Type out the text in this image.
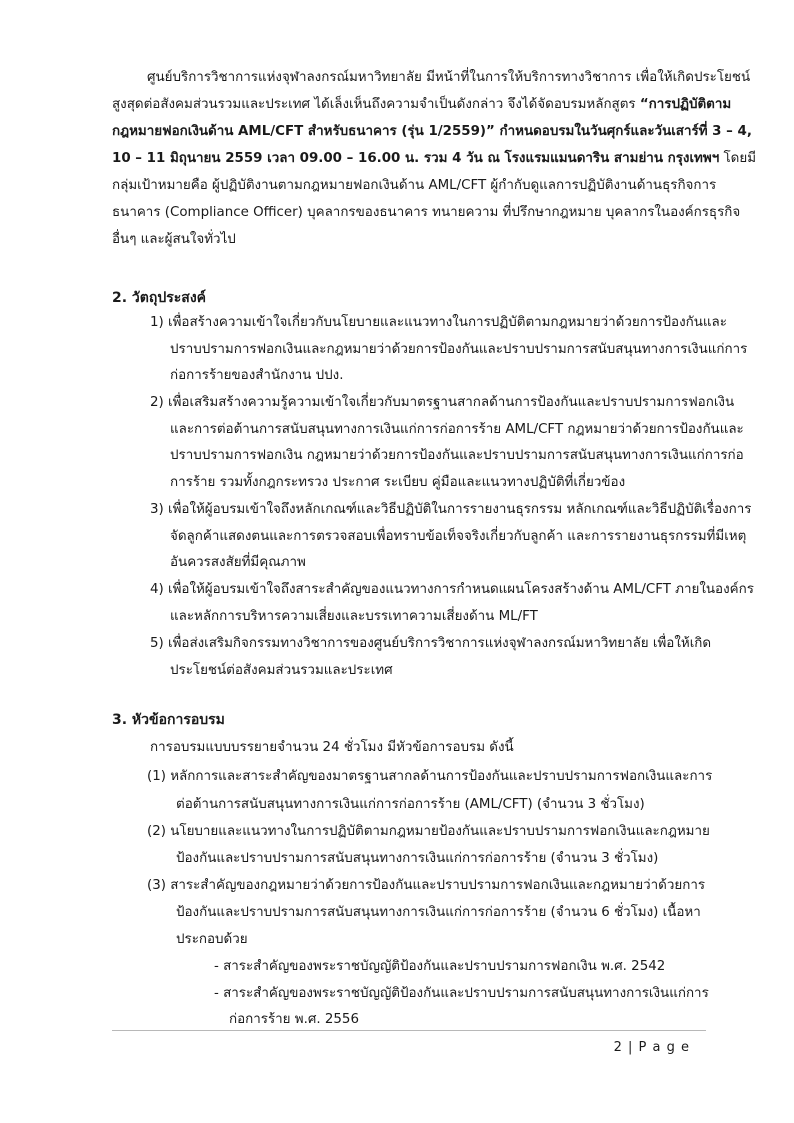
ศูนย์บริการวิชาการแห่งจุฬาลงกรณ์มหาวิทยาลัย มีหน้าที่ในการให้บริการทางวิชาการ เพื่อให้เกิดประโยชน์
สูงสุดต่อสังคมส่วนรวมและประเทศ ได้เล็งเห็นถึงความจำเป็นดังกล่าว จึงได้จัดอบรมหลักสูตร “การปฏิบัติตาม
กฎหมายฟอกเงินด้าน AML/CFT สำหรับธนาคาร (รุ่น 1/2559)” กำหนดอบรมในวันศุกร์และวันเสาร์ที่ 3 – 4,
10 – 11 มิถุนายน 2559 เวลา 09.00 – 16.00 น. รวม 4 วัน ณ โรงแรมแมนดาริน สามย่าน กรุงเทพฯ โดยมี
กลุ่มเป้าหมายคือ ผู้ปฏิบัติงานตามกฎหมายฟอกเงินด้าน AML/CFT ผู้กำกับดูแลการปฏิบัติงานด้านธุรกิจการ
ธนาคาร (Compliance Officer) บุคลากรของธนาคาร ทนายความ ที่ปรึกษากฎหมาย บุคลากรในองค์กรธุรกิจ
อื่นๆ และผู้สนใจทั่วไป
2. วัตถุประสงค์
1) เพื่อสร้างความเข้าใจเกี่ยวกับนโยบายและแนวทางในการปฏิบัติตามกฎหมายว่าด้วยการป้องกันและ
ปราบปรามการฟอกเงินและกฎหมายว่าด้วยการป้องกันและปราบปรามการสนับสนุนทางการเงินแก่การ
ก่อการร้ายของสำนักงาน ปปง.
2) เพื่อเสริมสร้างความรู้ความเข้าใจเกี่ยวกับมาตรฐานสากลด้านการป้องกันและปราบปรามการฟอกเงิน
และการต่อต้านการสนับสนุนทางการเงินแก่การก่อการร้าย AML/CFT กฎหมายว่าด้วยการป้องกันและ
ปราบปรามการฟอกเงิน กฎหมายว่าด้วยการป้องกันและปราบปรามการสนับสนุนทางการเงินแก่การก่อ
การร้าย รวมทั้งกฎกระทรวง ประกาศ ระเบียบ คู่มือและแนวทางปฏิบัติที่เกี่ยวข้อง
3) เพื่อให้ผู้อบรมเข้าใจถึงหลักเกณฑ์และวิธีปฏิบัติในการรายงานธุรกรรม หลักเกณฑ์และวิธีปฏิบัติเรื่องการ
จัดลูกค้าแสดงตนและการตรวจสอบเพื่อทราบข้อเท็จจริงเกี่ยวกับลูกค้า และการรายงานธุรกรรมที่มีเหตุ
อันควรสงสัยที่มีคุณภาพ
4) เพื่อให้ผู้อบรมเข้าใจถึงสาระสำคัญของแนวทางการกำหนดแผนโครงสร้างด้าน AML/CFT ภายในองค์กร
และหลักการบริหารความเสี่ยงและบรรเทาความเสี่ยงด้าน ML/FT
5) เพื่อส่งเสริมกิจกรรมทางวิชาการของศูนย์บริการวิชาการแห่งจุฬาลงกรณ์มหาวิทยาลัย เพื่อให้เกิด
ประโยชน์ต่อสังคมส่วนรวมและประเทศ
3. หัวข้อการอบรม
การอบรมแบบบรรยายจำนวน 24 ชั่วโมง มีหัวข้อการอบรม ดังนี้
(1) หลักการและสาระสำคัญของมาตรฐานสากลด้านการป้องกันและปราบปรามการฟอกเงินและการ
ต่อต้านการสนับสนุนทางการเงินแก่การก่อการร้าย (AML/CFT) (จำนวน 3 ชั่วโมง)
(2) นโยบายและแนวทางในการปฏิบัติตามกฎหมายป้องกันและปราบปรามการฟอกเงินและกฎหมาย
ป้องกันและปราบปรามการสนับสนุนทางการเงินแก่การก่อการร้าย (จำนวน 3 ชั่วโมง)
(3) สาระสำคัญของกฎหมายว่าด้วยการป้องกันและปราบปรามการฟอกเงินและกฎหมายว่าด้วยการ
ป้องกันและปราบปรามการสนับสนุนทางการเงินแก่การก่อการร้าย (จำนวน 6 ชั่วโมง) เนื้อหา
ประกอบด้วย
- สาระสำคัญของพระราชบัญญัติป้องกันและปราบปรามการฟอกเงิน พ.ศ. 2542
- สาระสำคัญของพระราชบัญญัติป้องกันและปราบปรามการสนับสนุนทางการเงินแก่การ
ก่อการร้าย พ.ศ. 2556
2 | P a g e
